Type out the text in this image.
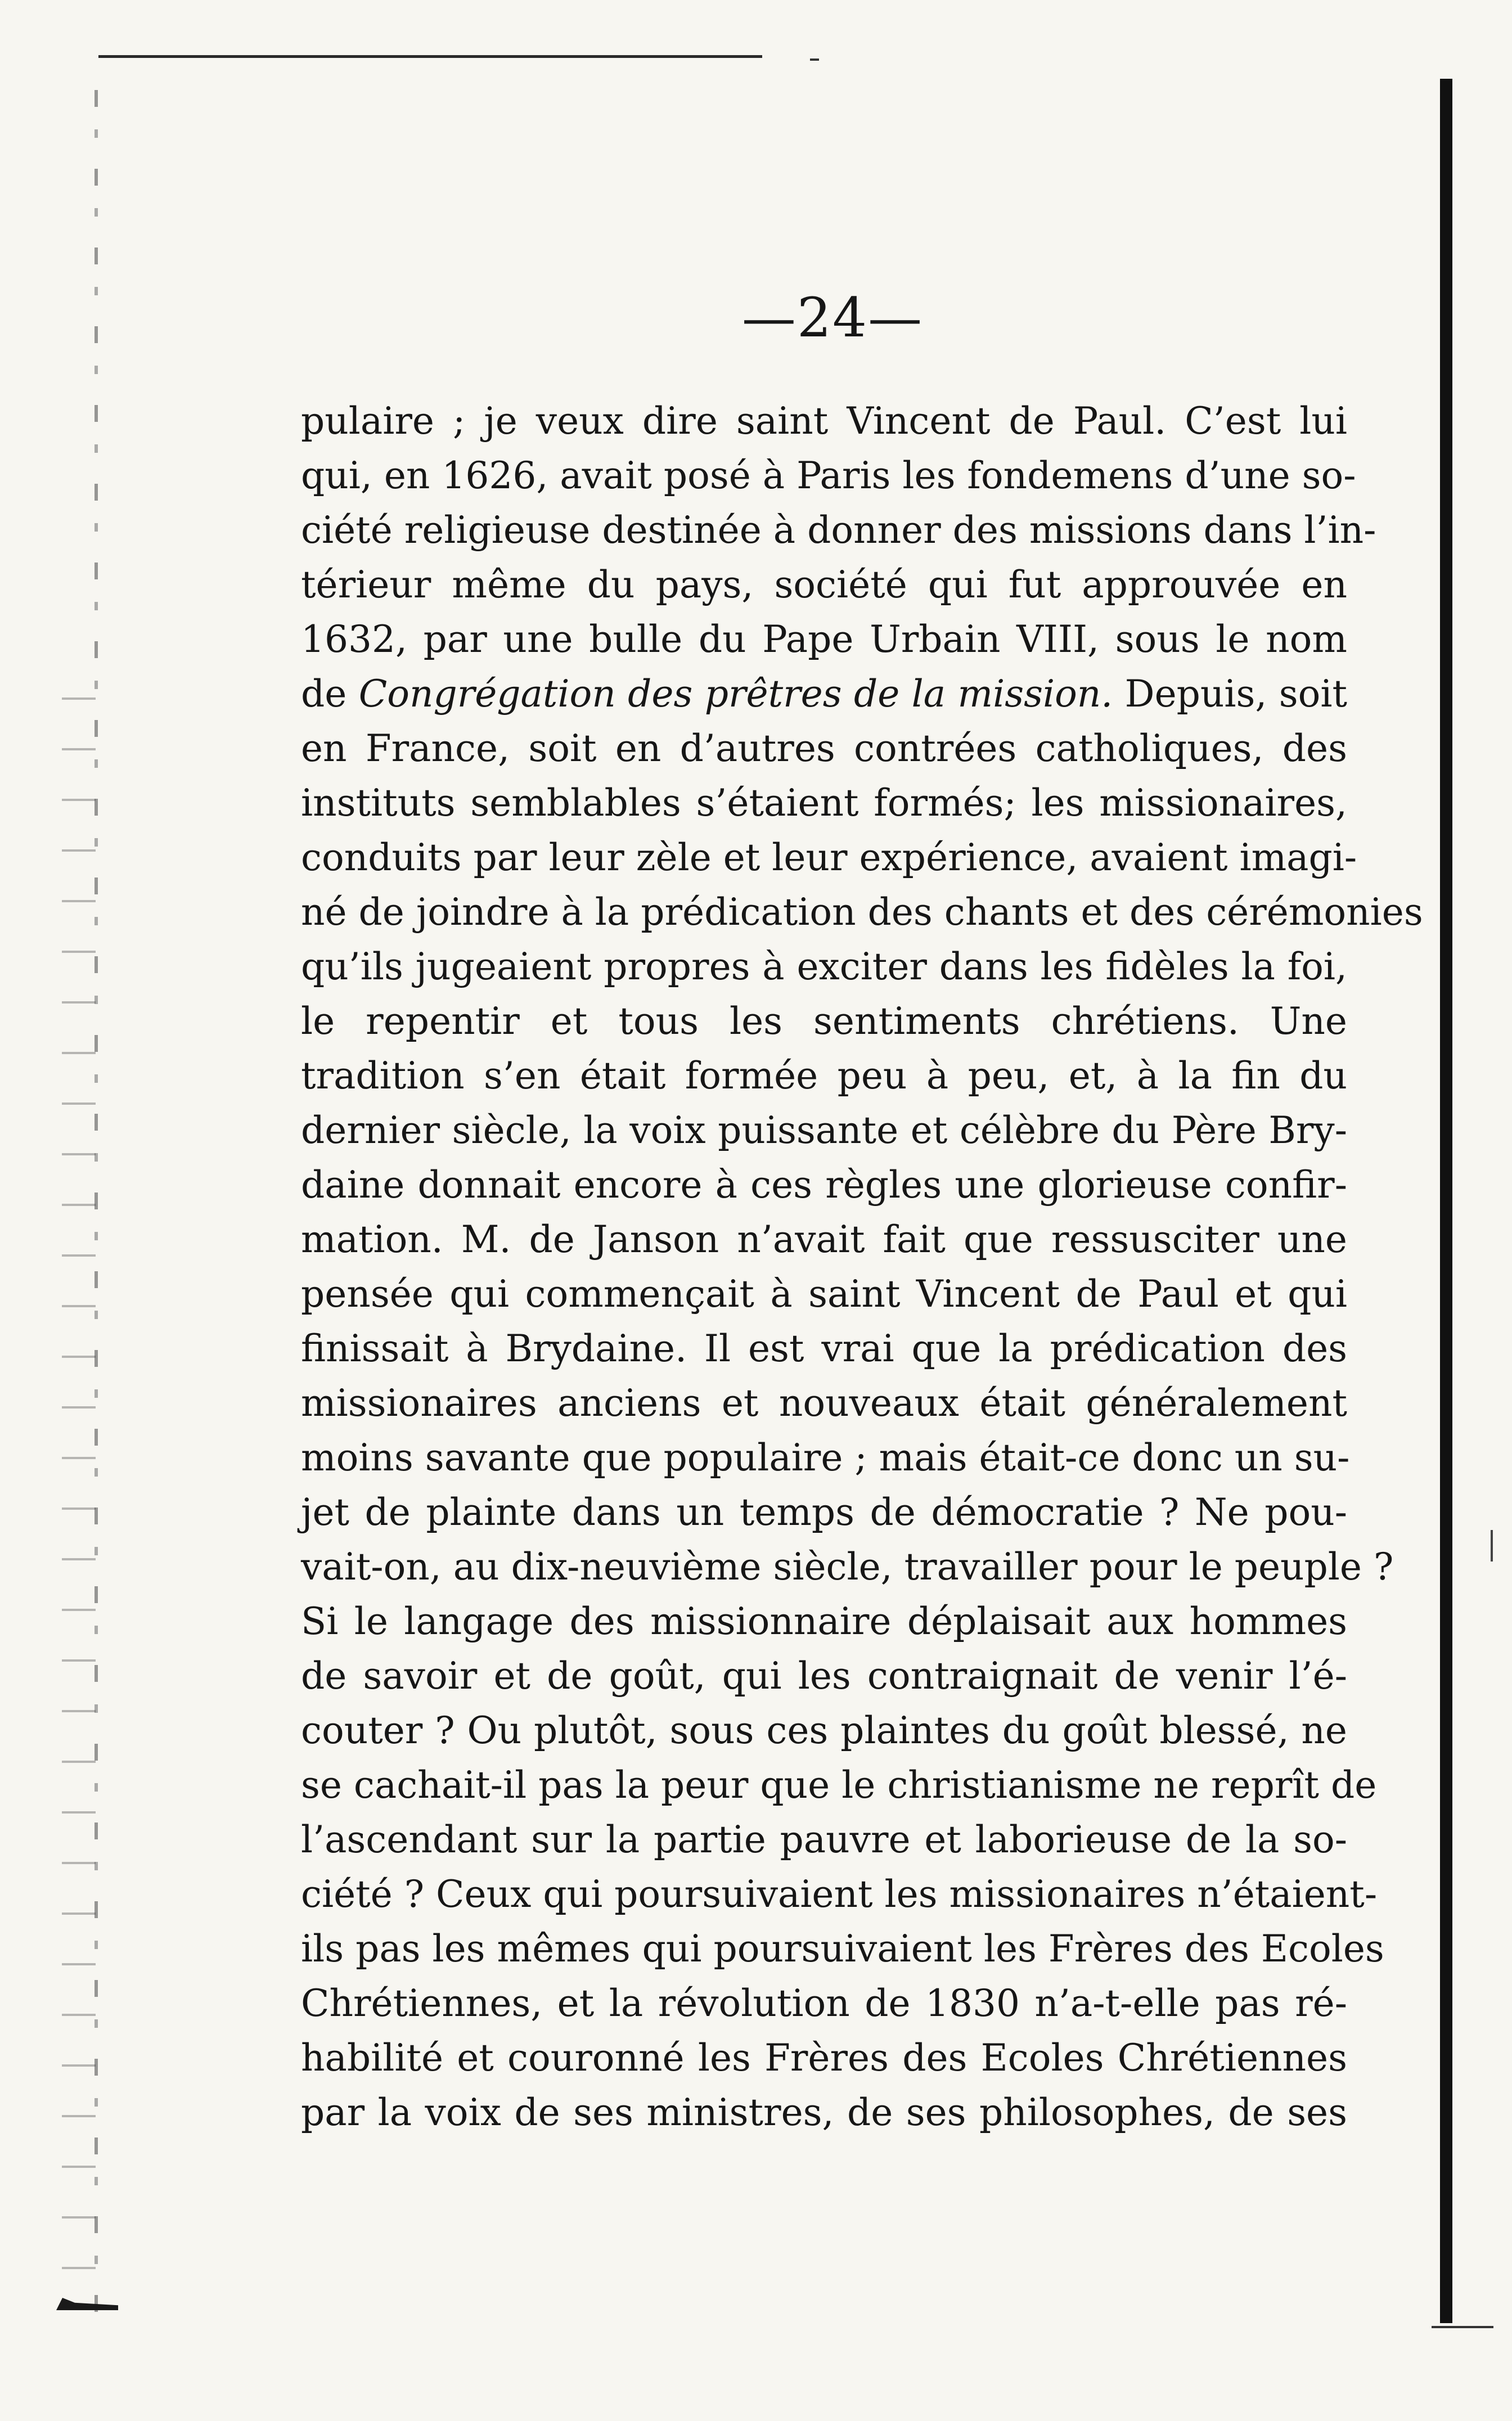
—24—
pulaire ; je veux dire saint Vincent de Paul. C’est lui
qui, en 1626, avait posé à Paris les fondemens d’une so-
ciété religieuse destinée à donner des missions dans l’in-
térieur même du pays, société qui fut approuvée en
1632, par une bulle du Pape Urbain VIII, sous le nom
de Congrégation des prêtres de la mission. Depuis, soit
en France, soit en d’autres contrées catholiques, des
instituts semblables s’étaient formés; les missionaires,
conduits par leur zèle et leur expérience, avaient imagi-
né de joindre à la prédication des chants et des cérémonies
qu’ils jugeaient propres à exciter dans les fidèles la foi,
le repentir et tous les sentiments chrétiens. Une
tradition s’en était formée peu à peu, et, à la fin du
dernier siècle, la voix puissante et célèbre du Père Bry-
daine donnait encore à ces règles une glorieuse confir-
mation. M. de Janson n’avait fait que ressusciter une
pensée qui commençait à saint Vincent de Paul et qui
finissait à Brydaine. Il est vrai que la prédication des
missionaires anciens et nouveaux était généralement
moins savante que populaire ; mais était-ce donc un su-
jet de plainte dans un temps de démocratie ? Ne pou-
vait-on, au dix-neuvième siècle, travailler pour le peuple ?
Si le langage des missionnaire déplaisait aux hommes
de savoir et de goût, qui les contraignait de venir l’é-
couter ? Ou plutôt, sous ces plaintes du goût blessé, ne
se cachait-il pas la peur que le christianisme ne reprît de
l’ascendant sur la partie pauvre et laborieuse de la so-
ciété ? Ceux qui poursuivaient les missionaires n’étaient-
ils pas les mêmes qui poursuivaient les Frères des Ecoles
Chrétiennes, et la révolution de 1830 n’a-t-elle pas ré-
habilité et couronné les Frères des Ecoles Chrétiennes
par la voix de ses ministres, de ses philosophes, de ses
